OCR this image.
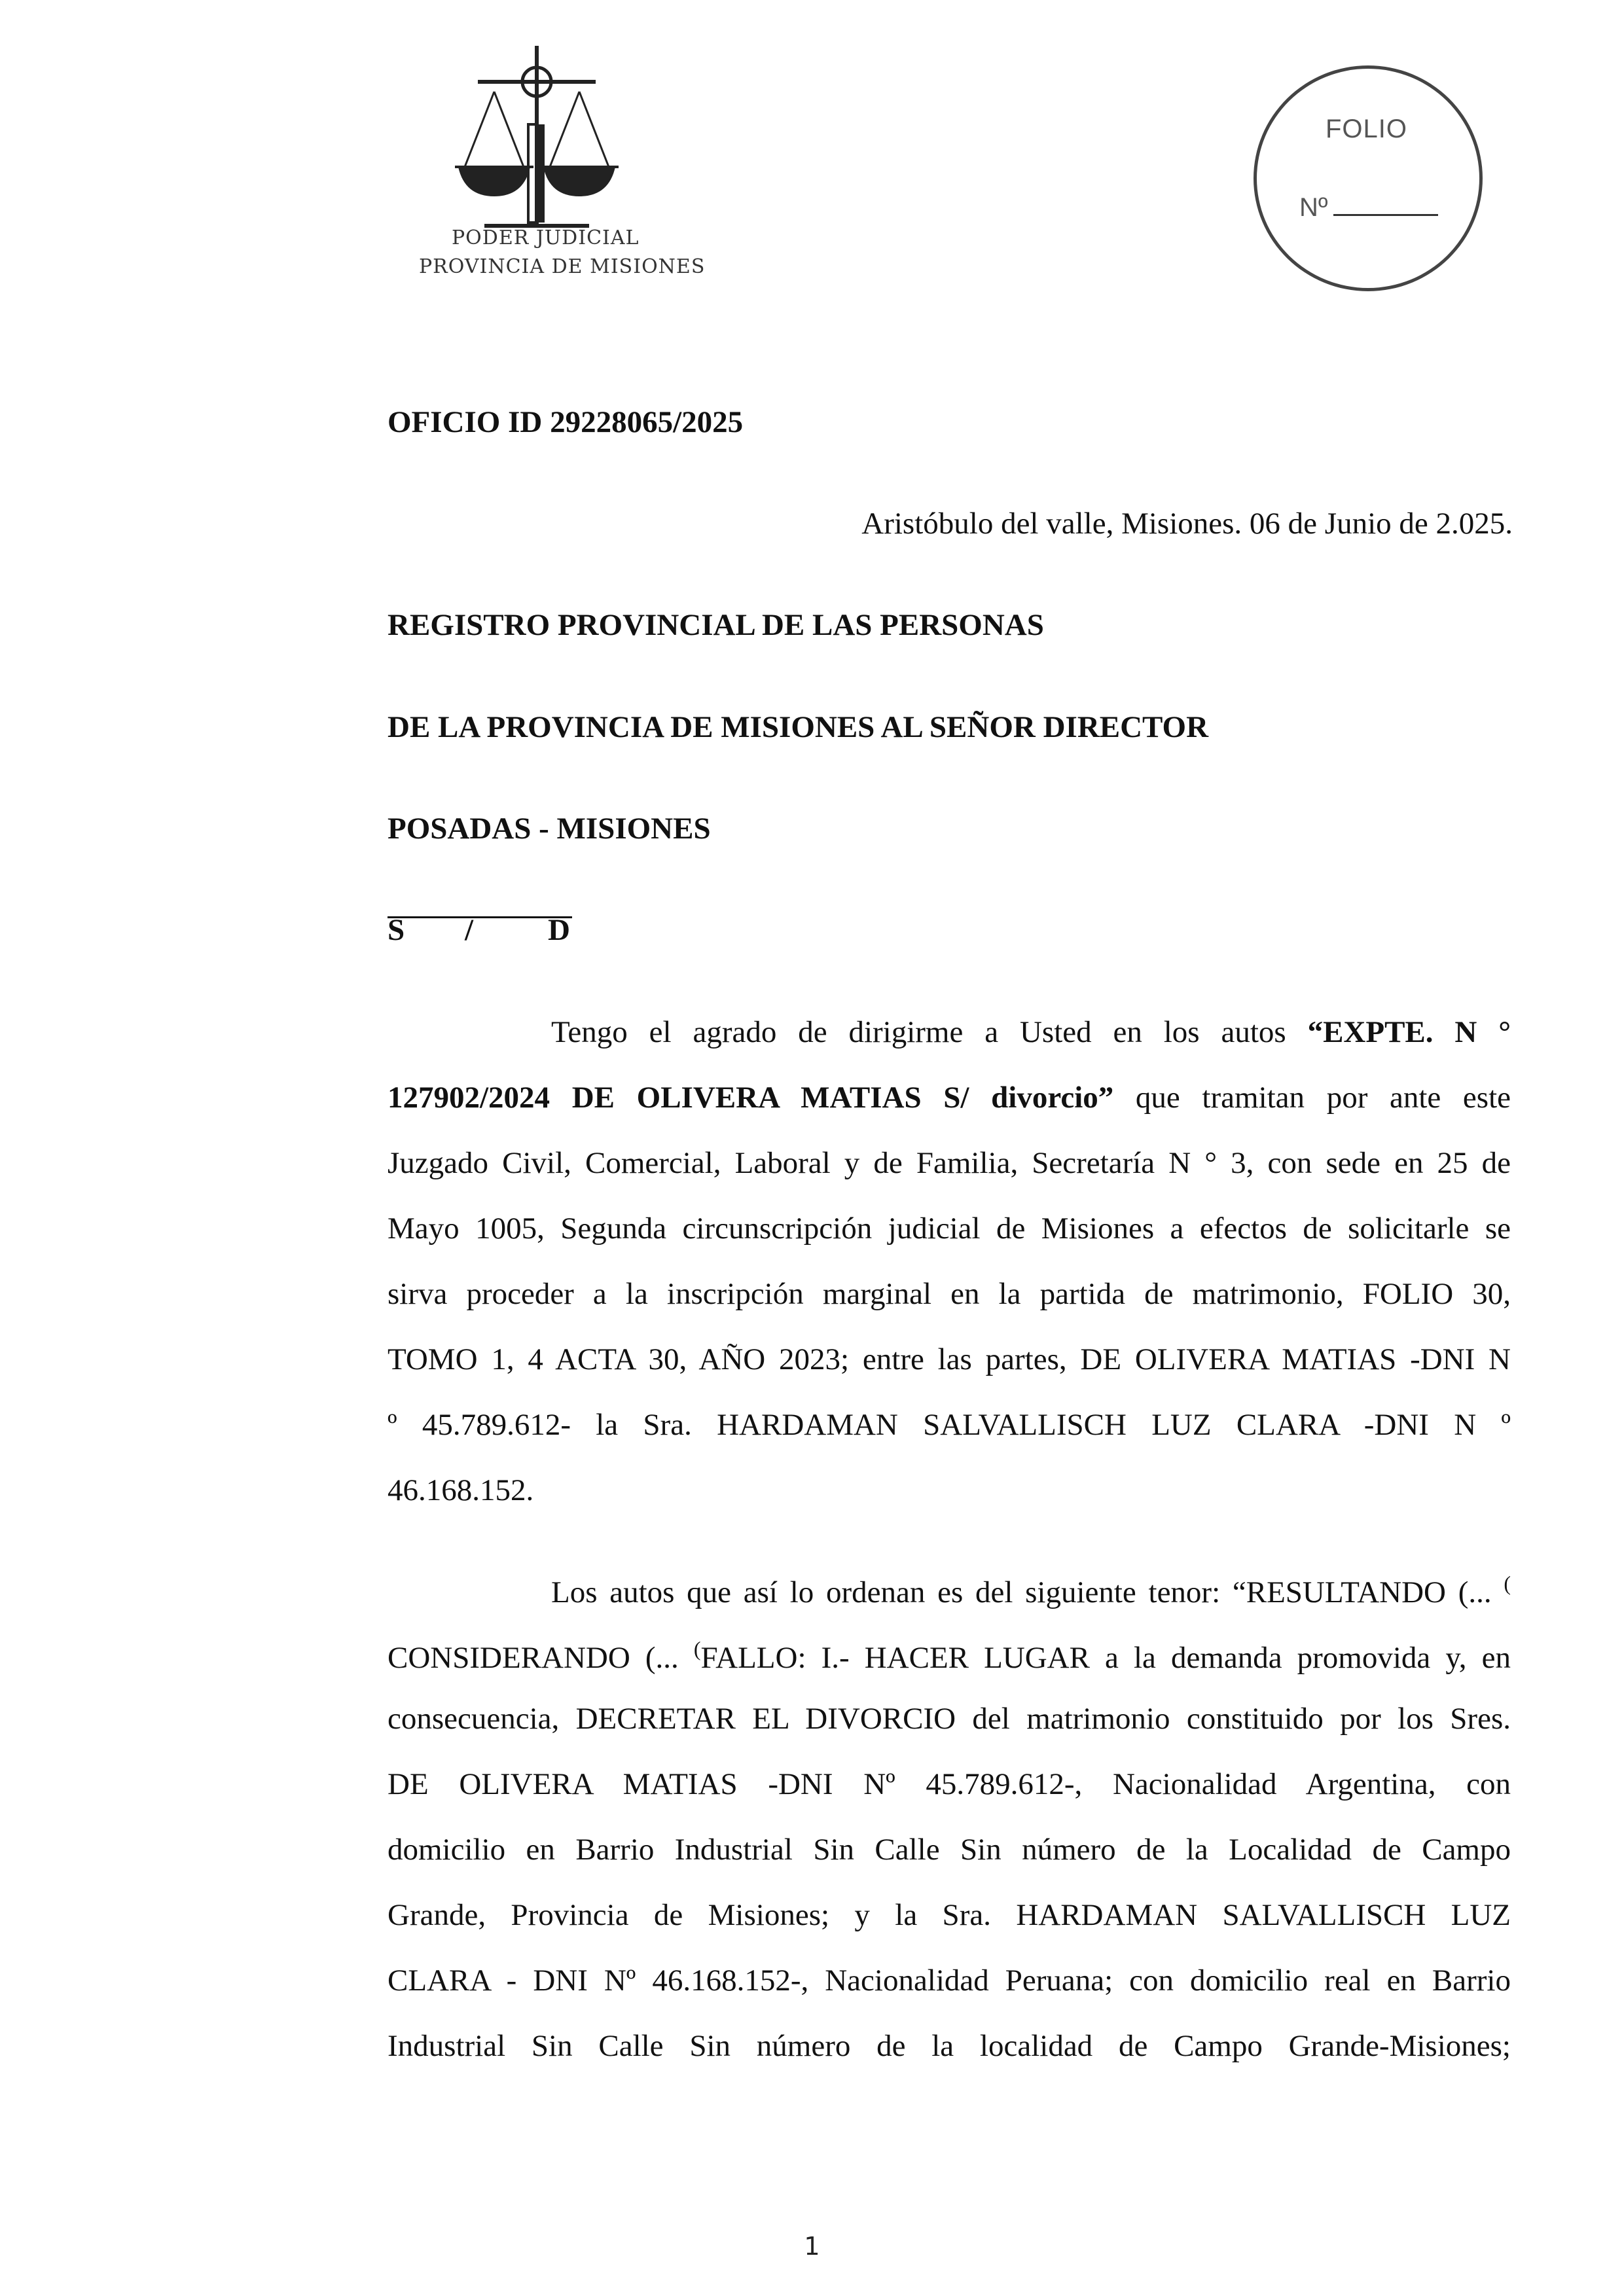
PODER JUDICIAL
PROVINCIA DE MISIONES
FOLIO
Nº
OFICIO ID 29228065/2025
Aristóbulo del valle, Misiones. 06 de Junio de 2.025.
REGISTRO PROVINCIAL DE LAS PERSONAS
DE LA PROVINCIA DE MISIONES AL SEÑOR DIRECTOR
POSADAS - MISIONES
S / D
Tengo el agrado de dirigirme a Usted en los autos “EXPTE. N °
127902/2024 DE OLIVERA MATIAS S/ divorcio” que tramitan por ante este
Juzgado Civil, Comercial, Laboral y de Familia, Secretaría N ° 3, con sede en 25 de
Mayo 1005, Segunda circunscripción judicial de Misiones a efectos de solicitarle se
sirva proceder a la inscripción marginal en la partida de matrimonio, FOLIO 30,
TOMO 1, 4 ACTA 30, AÑO 2023; entre las partes, DE OLIVERA MATIAS -DNI N
º 45.789.612- la Sra. HARDAMAN SALVALLISCH LUZ CLARA -DNI N º
46.168.152.
Los autos que así lo ordenan es del siguiente tenor: “RESULTANDO (... (
CONSIDERANDO (... (FALLO: I.- HACER LUGAR a la demanda promovida y, en
consecuencia, DECRETAR EL DIVORCIO del matrimonio constituido por los Sres.
DE OLIVERA MATIAS -DNI Nº 45.789.612-, Nacionalidad Argentina, con
domicilio en Barrio Industrial Sin Calle Sin número de la Localidad de Campo
Grande, Provincia de Misiones; y la Sra. HARDAMAN SALVALLISCH LUZ
CLARA - DNI Nº 46.168.152-, Nacionalidad Peruana; con domicilio real en Barrio
Industrial Sin Calle Sin número de la localidad de Campo Grande-Misiones;
1
